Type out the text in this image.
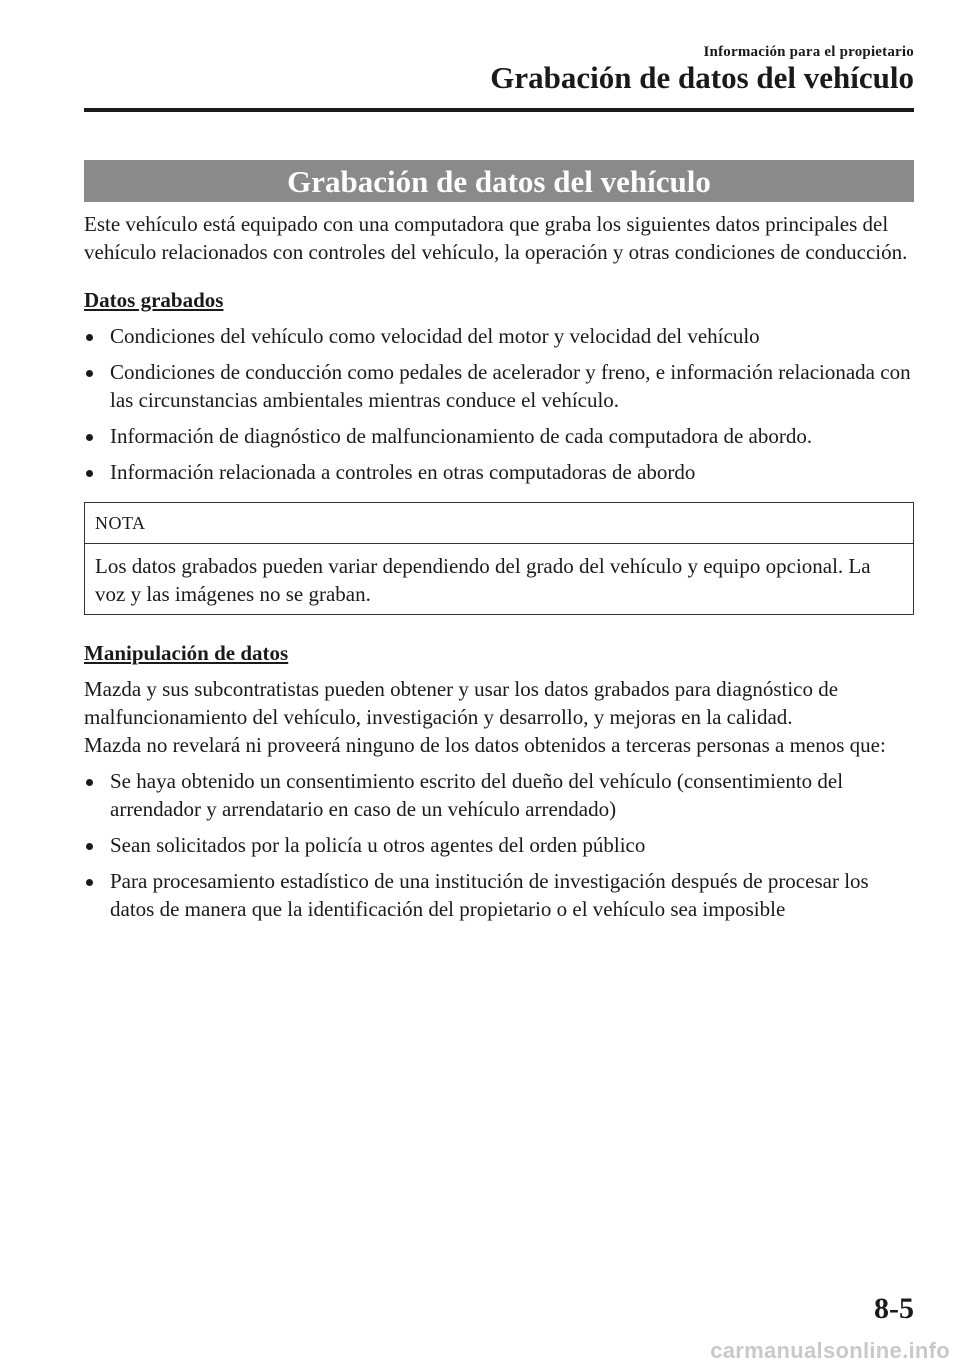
Información para el propietario
Grabación de datos del vehículo
Grabación de datos del vehículo

Este vehículo está equipado con una computadora que graba los siguientes datos principales del vehículo relacionados con controles del vehículo, la operación y otras condiciones de conducción.

Datos grabados

Condiciones del vehículo como velocidad del motor y velocidad del vehículo
Condiciones de conducción como pedales de acelerador y freno, e información relacionada con las circunstancias ambientales mientras conduce el vehículo.
Información de diagnóstico de malfuncionamiento de cada computadora de abordo.
Información relacionada a controles en otras computadoras de abordo
NOTA
Los datos grabados pueden variar dependiendo del grado del vehículo y equipo opcional. La voz y las imágenes no se graban.

Manipulación de datos

Mazda y sus subcontratistas pueden obtener y usar los datos grabados para diagnóstico de malfuncionamiento del vehículo, investigación y desarrollo, y mejoras en la calidad.

Mazda no revelará ni proveerá ninguno de los datos obtenidos a terceras personas a menos que:

Se haya obtenido un consentimiento escrito del dueño del vehículo (consentimiento del arrendador y arrendatario en caso de un vehículo arrendado)
Sean solicitados por la policía u otros agentes del orden público
Para procesamiento estadístico de una institución de investigación después de procesar los datos de manera que la identificación del propietario o el vehículo sea imposible
8-5
carmanualsonline.info
